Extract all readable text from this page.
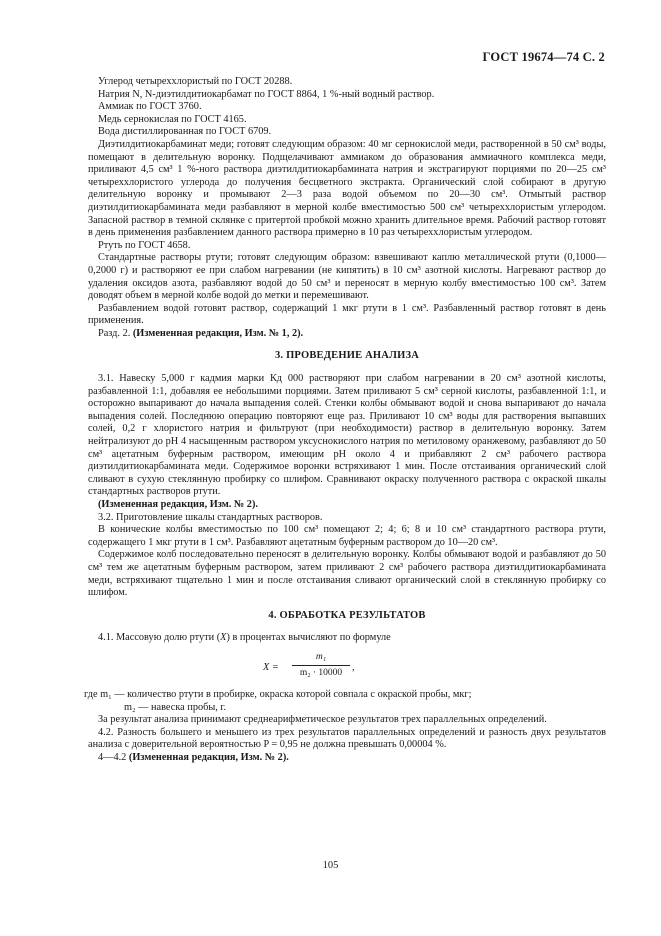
ГОСТ 19674—74 С. 2

Углерод четыреххлористый по ГОСТ 20288.

Натрия N, N-диэтилдитиокарбамат по ГОСТ 8864, 1 %-ный водный раствор.

Аммиак по ГОСТ 3760.

Медь сернокислая по ГОСТ 4165.

Вода дистиллированная по ГОСТ 6709.

Диэтилдитиокарбаминат меди; готовят следующим образом: 40 мг сернокислой меди, растворенной в 50 см³ воды, помещают в делительную воронку. Подщелачивают аммиаком до образования аммиачного комплекса меди, приливают 4,5 см³ 1 %-ного раствора диэтилдитиокарбамината натрия и экстрагируют порциями по 20—25 см³ четыреххлористого углерода до получения бесцветного экстракта. Органический слой собирают в другую делительную воронку и промывают 2—3 раза водой объемом по 20—30 см³. Отмытый раствор диэтилдитиокарбамината меди разбавляют в мерной колбе вместимостью 500 см³ четыреххлористым углеродом. Запасной раствор в темной склянке с притертой пробкой можно хранить длительное время. Рабочий раствор готовят в день применения разбавлением данного раствора примерно в 10 раз четыреххлористым углеродом.

Ртуть по ГОСТ 4658.

Стандартные растворы ртути; готовят следующим образом: взвешивают каплю металлической ртути (0,1000—0,2000 г) и растворяют ее при слабом нагревании (не кипятить) в 10 см³ азотной кислоты. Нагревают раствор до удаления оксидов азота, разбавляют водой до 50 см³ и переносят в мерную колбу вместимостью 100 см³. Затем доводят объем в мерной колбе водой до метки и перемешивают.

Разбавлением водой готовят раствор, содержащий 1 мкг ртути в 1 см³. Разбавленный раствор готовят в день применения.

Разд. 2. (Измененная редакция, Изм. № 1, 2).

3. ПРОВЕДЕНИЕ АНАЛИЗА

3.1. Навеску 5,000 г кадмия марки Кд 000 растворяют при слабом нагревании в 20 см³ азотной кислоты, разбавленной 1:1, добавляя ее небольшими порциями. Затем приливают 5 см³ серной кислоты, разбавленной 1:1, и осторожно выпаривают до начала выпадения солей. Стенки колбы обмывают водой и снова выпаривают до начала выпадения солей. Последнюю операцию повторяют еще раз. Приливают 10 см³ воды для растворения выпавших солей, 0,2 г хлористого натрия и фильтруют (при необходимости) раствор в делительную воронку. Затем нейтрализуют до pH 4 насыщенным раствором уксуснокислого натрия по метиловому оранжевому, разбавляют до 50 см³ ацетатным буферным раствором, имеющим pH около 4 и прибавляют 2 см³ рабочего раствора диэтилдитиокарбамината меди. Содержимое воронки встряхивают 1 мин. После отстаивания органический слой сливают в сухую стеклянную пробирку со шлифом. Сравнивают окраску полученного раствора с окраской шкалы стандартных растворов ртути.

(Измененная редакция, Изм. № 2).

3.2. Приготовление шкалы стандартных растворов.

В конические колбы вместимостью по 100 см³ помещают 2; 4; 6; 8 и 10 см³ стандартного раствора ртути, содержащего 1 мкг ртути в 1 см³. Разбавляют ацетатным буферным раствором до 10—20 см³.

Содержимое колб последовательно переносят в делительную воронку. Колбы обмывают водой и разбавляют до 50 см³ тем же ацетатным буферным раствором, затем приливают 2 см³ рабочего раствора диэтилдитиокарбамината меди, встряхивают тщательно 1 мин и после отстаивания сливают органический слой в стеклянную пробирку со шлифом.

4. ОБРАБОТКА РЕЗУЛЬТАТОВ

4.1. Массовую долю ртути (X) в процентах вычисляют по формуле

X =
m₁
m₂ · 10000 ,

где m₁ — количество ртути в пробирке, окраска которой совпала с окраской пробы, мкг;

m₂ — навеска пробы, г.

За результат анализа принимают среднеарифметическое результатов трех параллельных определений.

4.2. Разность большего и меньшего из трех результатов параллельных определений и разность двух результатов анализа с доверительной вероятностью P = 0,95 не должна превышать 0,00004 %.

4—4.2 (Измененная редакция, Изм. № 2).

105
